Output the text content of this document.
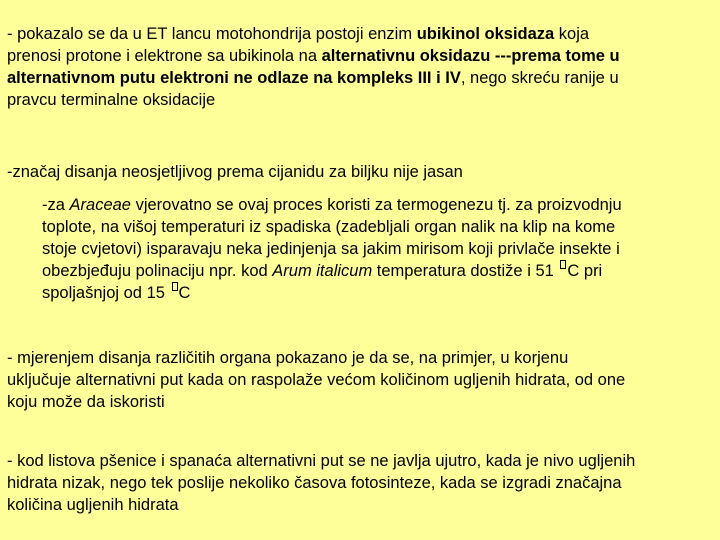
- pokazalo se da u ET lancu motohondrija postoji enzim ubikinol oksidaza koja
prenosi protone i elektrone sa ubikinola na alternativnu oksidazu ---prema tome u
alternativnom putu elektroni ne odlaze na kompleks III i IV, nego skreću ranije u
pravcu terminalne oksidacije
-značaj disanja neosjetljivog prema cijanidu za biljku nije jasan
-za Araceae vjerovatno se ovaj proces koristi za termogenezu tj. za proizvodnju
toplote, na višoj temperaturi iz spadiska (zadebljali organ nalik na klip na kome
stoje cvjetovi) isparavaju neka jedinjenja sa jakim mirisom koji privlače insekte i
obezbjeđuju polinaciju npr. kod Arum italicum temperatura dostiže i 51 C pri
spoljašnjoj od 15 C
- mjerenjem disanja različitih organa pokazano je da se, na primjer, u korjenu
uključuje alternativni put kada on raspolaže većom količinom ugljenih hidrata, od one
koju može da iskoristi
- kod listova pšenice i spanaća alternativni put se ne javlja ujutro, kada je nivo ugljenih
hidrata nizak, nego tek poslije nekoliko časova fotosinteze, kada se izgradi značajna
količina ugljenih hidrata
